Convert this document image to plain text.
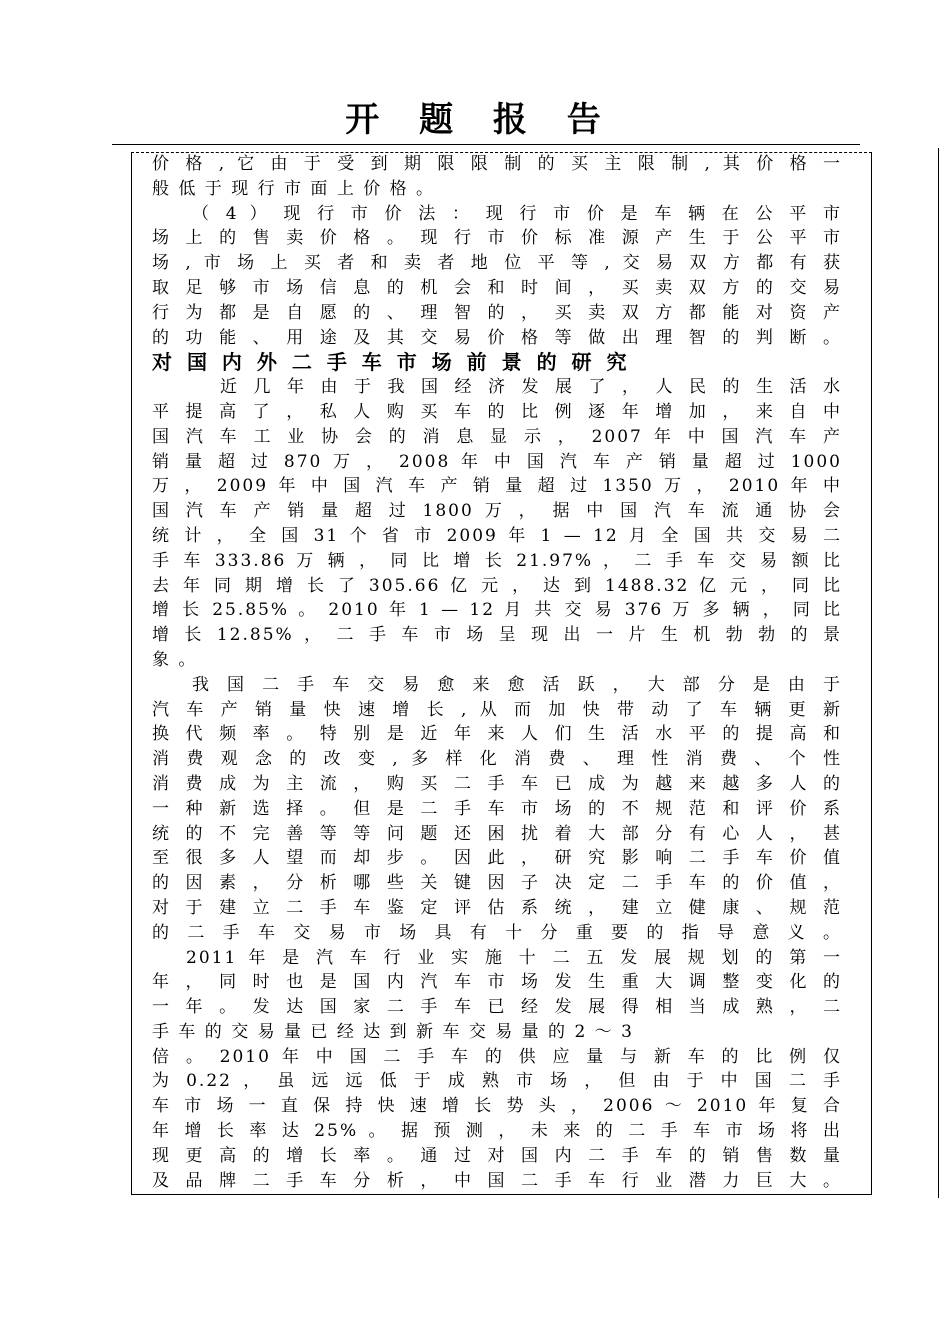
开 题 报 告
价 格 , 它 由 于 受 到 期 限 限 制 的 买 主 限 制 , 其 价 格 一
般 低 于 现 行 市 面 上 价 格 。
（ 4 ） 现 行 市 价 法 ： 现 行 市 价 是 车 辆 在 公 平 市
场 上 的 售 卖 价 格 。 现 行 市 价 标 准 源 产 生 于 公 平 市
场 , 市 场 上 买 者 和 卖 者 地 位 平 等 , 交 易 双 方 都 有 获
取 足 够 市 场 信 息 的 机 会 和 时 间 ， 买 卖 双 方 的 交 易
行 为 都 是 自 愿 的 、 理 智 的 ， 买 卖 双 方 都 能 对 资 产
的 功 能 、 用 途 及 其 交 易 价 格 等 做 出 理 智 的 判 断 。
对 国 内 外 二 手 车 市 场 前 景 的 研 究
近 几 年 由 于 我 国 经 济 发 展 了 ， 人 民 的 生 活 水
平 提 高 了 ， 私 人 购 买 车 的 比 例 逐 年 增 加 ， 来 自 中
国 汽 车 工 业 协 会 的 消 息 显 示 ， 2007 年 中 国 汽 车 产
销 量 超 过 870 万 ， 2008 年 中 国 汽 车 产 销 量 超 过 1000
万 ， 2009 年 中 国 汽 车 产 销 量 超 过 1350 万 ， 2010 年 中
国 汽 车 产 销 量 超 过 1800 万 ， 据 中 国 汽 车 流 通 协 会
统 计 ， 全 国 31 个 省 市 2009 年 1 — 12 月 全 国 共 交 易 二
手 车 333.86 万 辆 ， 同 比 增 长 21.97% ， 二 手 车 交 易 额 比
去 年 同 期 增 长 了 305.66 亿 元 ， 达 到 1488.32 亿 元 ， 同 比
增 长 25.85% 。 2010 年 1 — 12 月 共 交 易 376 万 多 辆 ， 同 比
增 长 12.85% ， 二 手 车 市 场 呈 现 出 一 片 生 机 勃 勃 的 景
象 。
我 国 二 手 车 交 易 愈 来 愈 活 跃 ， 大 部 分 是 由 于
汽 车 产 销 量 快 速 增 长 , 从 而 加 快 带 动 了 车 辆 更 新
换 代 频 率 。 特 别 是 近 年 来 人 们 生 活 水 平 的 提 高 和
消 费 观 念 的 改 变 , 多 样 化 消 费 、 理 性 消 费 、 个 性
消 费 成 为 主 流 ， 购 买 二 手 车 已 成 为 越 来 越 多 人 的
一 种 新 选 择 。 但 是 二 手 车 市 场 的 不 规 范 和 评 价 系
统 的 不 完 善 等 等 问 题 还 困 扰 着 大 部 分 有 心 人 ， 甚
至 很 多 人 望 而 却 步 。 因 此 ， 研 究 影 响 二 手 车 价 值
的 因 素 ， 分 析 哪 些 关 键 因 子 决 定 二 手 车 的 价 值 ，
对 于 建 立 二 手 车 鉴 定 评 估 系 统 ， 建 立 健 康 、 规 范
的 二 手 车 交 易 市 场 具 有 十 分 重 要 的 指 导 意 义 。
2011 年 是 汽 车 行 业 实 施 十 二 五 发 展 规 划 的 第 一
年 ， 同 时 也 是 国 内 汽 车 市 场 发 生 重 大 调 整 变 化 的
一 年 。 发 达 国 家 二 手 车 已 经 发 展 得 相 当 成 熟 ， 二
手 车 的 交 易 量 已 经 达 到 新 车 交 易 量 的 2 ～ 3
倍 。 2010 年 中 国 二 手 车 的 供 应 量 与 新 车 的 比 例 仅
为 0.22 ， 虽 远 远 低 于 成 熟 市 场 ， 但 由 于 中 国 二 手
车 市 场 一 直 保 持 快 速 增 长 势 头 ， 2006 ～ 2010 年 复 合
年 增 长 率 达 25% 。 据 预 测 ， 未 来 的 二 手 车 市 场 将 出
现 更 高 的 增 长 率 。 通 过 对 国 内 二 手 车 的 销 售 数 量
及 品 牌 二 手 车 分 析 ， 中 国 二 手 车 行 业 潜 力 巨 大 。
